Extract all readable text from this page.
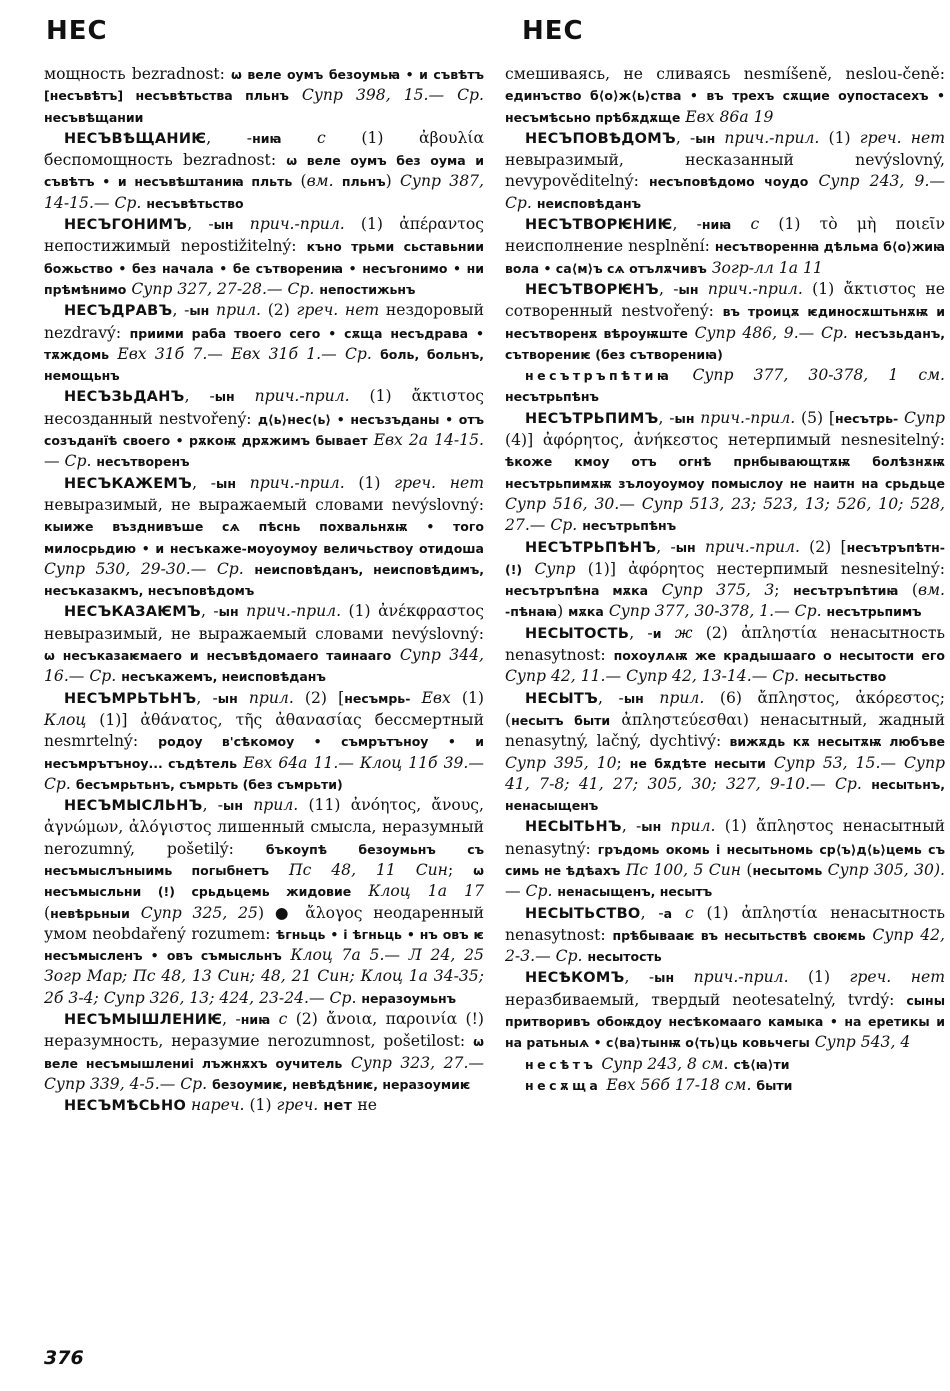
НЕС	НЕС

мощность bezradnost: ѡ веле оумъ безоумьꙗ • и съвѣтъ [несъвѣтъ] несъвѣтьства пльнъ Супр 398, 15.— Ср. несъвѣщании

НЕСЪВѢЩАНИѤ, -ниꙗ с (1) ἀβουλία беспомощность bezradnost: ѡ веле оумъ без оума и съвѣтъ • и несъвѣштаниꙗ пльть (вм. пльнъ) Супр 387, 14-15.— Ср. несъвѣтьство

НЕСЪГОНИМЪ, -ын прич.-прил. (1) ἀπέραντος непостижимый nepostižitelný: къно трьми сьставьнии божьство • без начала • бе сътворениꙗ • несъгонимо • ни прѣмѣнимо Супр 327, 27-28.— Ср. непостижьнъ

НЕСЪДРАВЪ, -ын прил. (2) греч. нет нездоровый nezdravý: приими раба твоего сего • сѫща несъдрава • тѫждомь Евх 31б 7.— Евх 31б 1.— Ср. боль, больнъ, немощьнъ

НЕСЪЗЬДАНЪ, -ын прич.-прил. (1) ἄκτιστος несозданный nestvořený: д⟨ь⟩нес⟨ь⟩ • несъзъданы • отъ созъданїѣ своего • рѫкоѭ дрѫжимъ бывает Евх 2а 14-15.— Ср. несътворенъ

НЕСЪКАЖЕМЪ, -ын прич.-прил. (1) греч. нет невыразимый, не выражаемый словами nevýslovný: кыиже възднивъше сѧ пѣснь похвальнѫѭ • того милосрьдию • и несъкаже-моуоумоу величьствоу отидоша Супр 530, 29-30.— Ср. неисповѣданъ, неисповѣдимъ, несъказакмъ, несъповѣдомъ

НЕСЪКАЗАѤМЪ, -ын прич.-прил. (1) ἀνέκφραστος невыразимый, не выражаемый словами nevýslovný: ѡ несъказаѥмаего и несъвѣдомаего таинааго Супр 344, 16.— Ср. несъкажемъ, неисповѣданъ

НЕСЪМРЬТЬНЪ, -ын прил. (2) [несъмрь- Евх (1) Клоц (1)] ἀθάνατος, τῆς ἀθανασίας бессмертный nesmrtelný: родоу в'сѣкомоу • съмрътъноу • и несъмрътъноу... съдѣтель Евх 64а 11.— Клоц 11б 39.— Ср. бесъмрьтьнъ, съмрьть (без съмрьти)

НЕСЪМЫСЛЬНЪ, -ын прил. (11) ἀνόητος, ἄνους, ἀγνώμων, ἀλόγιστος лишенный смысла, неразумный nerozumný, pošetilý: бъкоупѣ безоумьнъ съ несъмыслъныимь погыбнетъ Пс 48, 11 Син; ѡ несъмысльни (!) срьдьцемь жидовие Клоц 1а 17 (невѣрьныи Супр 325, 25) ● ἄλογος неодаренный умом neobdařený rozumem: ѣгньць • і ѣгньць • нъ овъ ѥ несъмысленъ • овъ съмысльнъ Клоц 7а 5.— Л 24, 25 Зогр Мар; Пс 48, 13 Син; 48, 21 Син; Клоц 1а 34-35; 2б 3-4; Супр 326, 13; 424, 23-24.— Ср. неразоумьнъ

НЕСЪМЫШЛЕНИѤ, -ниꙗ с (2) ἄνοια, παροινία (!) неразумность, неразумие nerozumnost, pošetilost: ѡ веле несъмышлениі лъжнѫхъ оучитель Супр 323, 27.— Супр 339, 4-5.— Ср. безоумиѥ, невѣдѣниѥ, неразоумиѥ

НЕСЪМѢСЬНО нареч. (1) греч. нет не

смешиваясь, не сливаясь nesmíšeně, neslou-čeně: единъство б⟨о⟩ж⟨ь⟩ства • въ трехъ сѫщие оупостасехъ • несъмѣсьно прѣбѫдѫще Евх 86а 19

НЕСЪПОВѢДОМЪ, -ын прич.-прил. (1) греч. нет невыразимый, несказанный nevýslovný, nevypověditelný: несъповѣдомо чоудо Супр 243, 9.— Ср. неисповѣданъ

НЕСЪТВОРѤНИѤ, -ниꙗ с (1) τὸ μὴ ποιεῖν неисполнение nesplnění: несътвореннꙗ дѣльма б⟨о⟩жиꙗ вола • са⟨м⟩ъ сѧ отълѫчивъ Зогр-лл 1а 11

НЕСЪТВОРѤНЪ, -ын прич.-прил. (1) ἄκτιστος не сотворенный nestvořený: въ троицѫ ѥдиносѫштьнѫѭ и несътворенѫ вѣроуѭште Супр 486, 9.— Ср. несъзьданъ, сътворениѥ (без сътворениꙗ)

несътръпѣтиꙗ Супр 377, 30-378, 1 см. несътрьпѣнъ

НЕСЪТРЬПИМЪ, -ын прич.-прил. (5) [несътрь- Супр (4)] ἀφόρητος, ἀνήκεστος нетерпимый nesnesitelný: ѣкоже кмоу отъ огнѣ прнбывающтѫѭ болѣзнѫѭ несътрьпимѫѭ зълоуоумоу помыслоу не наитн на срьдьце Супр 516, 30.— Супр 513, 23; 523, 13; 526, 10; 528, 27.— Ср. несътрьпѣнъ

НЕСЪТРЬПѢНЪ, -ын прич.-прил. (2) [несътръпѣтн- (!) Супр (1)] ἀφόρητος нестерпимый nesnesitelný: несътръпѣна мѫка Супр 375, 3; несътръпѣтиꙗ (вм. -пѣнаꙗ) мѫка Супр 377, 30-378, 1.— Ср. несътрьпимъ

НЕСЫТОСТЬ, -и ж (2) ἀπληστία ненасытность nenasytnost: похоулѧѭ же крадышааго о несытости его Супр 42, 11.— Супр 42, 13-14.— Ср. несытьство

НЕСЫТЪ, -ын прил. (6) ἄπληστος, ἀκόρεστος; (несытъ быти ἀπληστεύεσθαι) ненасытный, жадный nenasytný, lačný, dychtivý: вижѫдь кѫ несытѫѭ любъве Супр 395, 10; не бѫдѣте несыти Супр 53, 15.— Супр 41, 7-8; 41, 27; 305, 30; 327, 9-10.— Ср. несытьнъ, ненасыщенъ

НЕСЫТЬНЪ, -ын прил. (1) ἄπληστος ненасытный nenasytný: гръдомь окомь і несытьномь ср⟨ъ⟩д⟨ь⟩цемь съ симь не ѣдѣахъ Пс 100, 5 Син (несытомь Супр 305, 30).— Ср. ненасыщенъ, несытъ

НЕСЫТЬСТВО, -а с (1) ἀπληστία ненасытность nenasytnost: прѣбывааѥ въ несытьствѣ своѥмь Супр 42, 2-3.— Ср. несытость

НЕСѢКОМЪ, -ын прич.-прил. (1) греч. нет неразбиваемый, твердый neotesatelný, tvrdý: сыны притворивъ обоѭдоу несѣкомааго камыка • на еретикы и на ратьныѧ • с⟨ва⟩тынѭ о⟨ть⟩ць ковьчегы Супр 543, 4

несѣтъ Супр 243, 8 см. сѣ⟨ꙗ⟩ти

несѫща Евх 56б 17-18 см. быти

376
